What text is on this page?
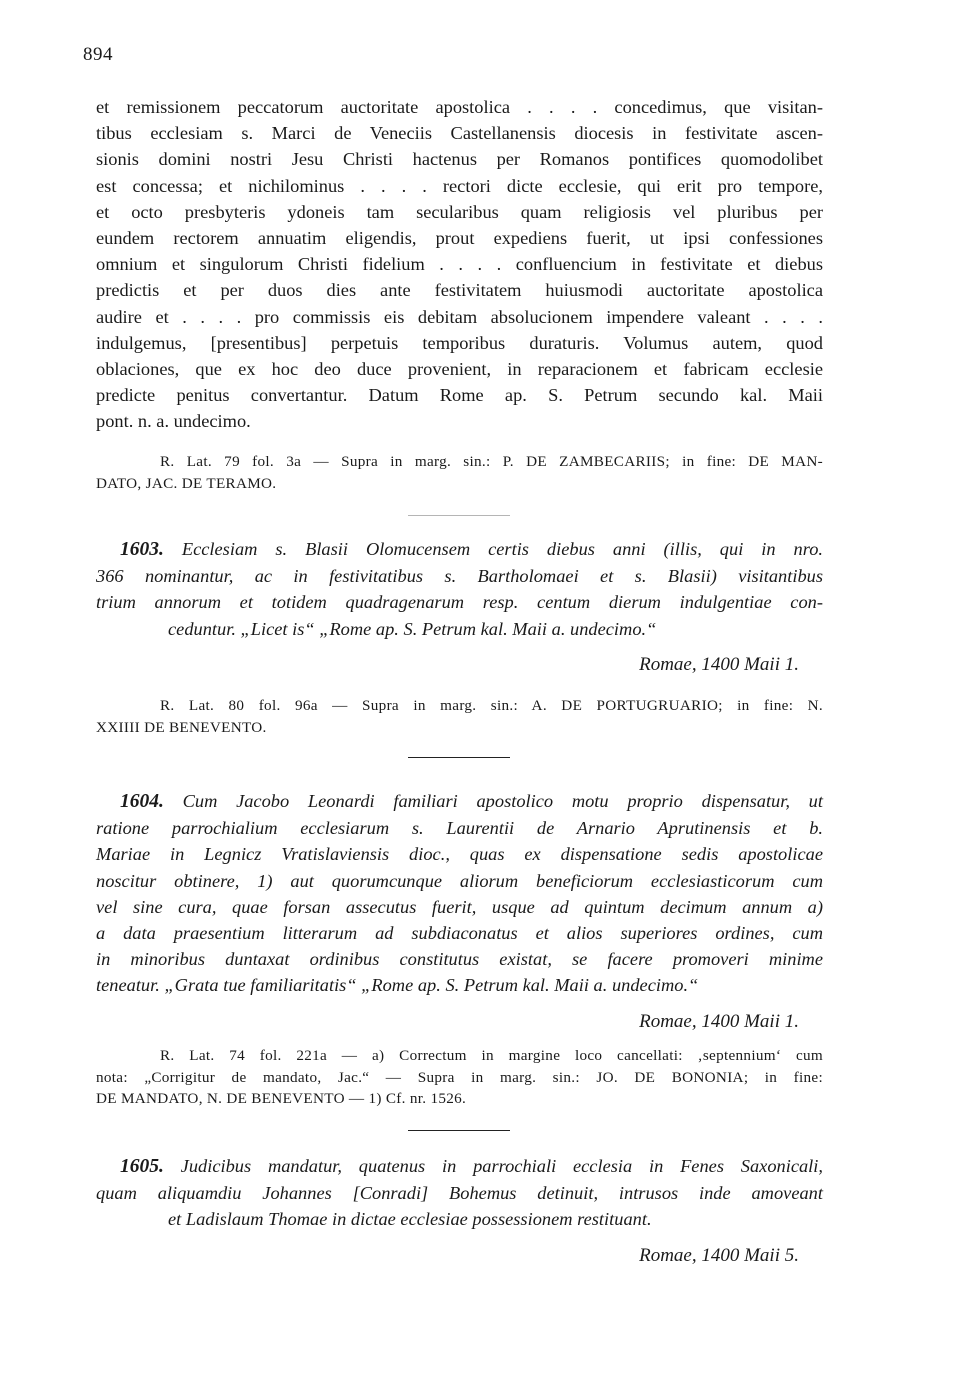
894
et remissionem peccatorum auctoritate apostolica . . . . concedimus, que visitan-
tibus ecclesiam s. Marci de Veneciis Castellanensis diocesis in festivitate ascen-
sionis domini nostri Jesu Christi hactenus per Romanos pontifices quomodolibet
est concessa; et nichilominus . . . . rectori dicte ecclesie, qui erit pro tempore,
et octo presbyteris ydoneis tam secularibus quam religiosis vel pluribus per
eundem rectorem annuatim eligendis, prout expediens fuerit, ut ipsi confessiones
omnium et singulorum Christi fidelium . . . . confluencium in festivitate et diebus
predictis et per duos dies ante festivitatem huiusmodi auctoritate apostolica
audire et . . . . pro commissis eis debitam absolucionem impendere valeant . . . .
indulgemus, [presentibus] perpetuis temporibus duraturis. Volumus autem, quod
oblaciones, que ex hoc deo duce provenient, in reparacionem et fabricam ecclesie
predicte penitus convertantur. Datum Rome ap. S. Petrum secundo kal. Maii
pont. n. a. undecimo.
R. Lat. 79 fol. 3a — Supra in marg. sin.: P. DE ZAMBECARIIS; in fine: DE MAN-
DATO, JAC. DE TERAMO.
1603. Ecclesiam s. Blasii Olomucensem certis diebus anni (illis, qui in nro.
366 nominantur, ac in festivitatibus s. Bartholomaei et s. Blasii) visitantibus
trium annorum et totidem quadragenarum resp. centum dierum indulgentiae con-
ceduntur. „Licet is“ „Rome ap. S. Petrum kal. Maii a. undecimo.“
Romae, 1400 Maii 1.
R. Lat. 80 fol. 96a — Supra in marg. sin.: A. DE PORTUGRUARIO; in fine: N.
XXIIII DE BENEVENTO.
1604. Cum Jacobo Leonardi familiari apostolico motu proprio dispensatur, ut
ratione parrochialium ecclesiarum s. Laurentii de Arnario Aprutinensis et b.
Mariae in Legnicz Vratislaviensis dioc., quas ex dispensatione sedis apostolicae
noscitur obtinere, 1) aut quorumcunque aliorum beneficiorum ecclesiasticorum cum
vel sine cura, quae forsan assecutus fuerit, usque ad quintum decimum annum a)
a data praesentium litterarum ad subdiaconatus et alios superiores ordines, cum
in minoribus duntaxat ordinibus constitutus existat, se facere promoveri minime
teneatur. „Grata tue familiaritatis“ „Rome ap. S. Petrum kal. Maii a. undecimo.“
Romae, 1400 Maii 1.
R. Lat. 74 fol. 221a — a) Correctum in margine loco cancellati: ‚septennium‘ cum
nota: „Corrigitur de mandato, Jac.“ — Supra in marg. sin.: JO. DE BONONIA; in fine:
DE MANDATO, N. DE BENEVENTO — 1) Cf. nr. 1526.
1605. Judicibus mandatur, quatenus in parrochiali ecclesia in Fenes Saxonicali,
quam aliquamdiu Johannes [Conradi] Bohemus detinuit, intrusos inde amoveant
et Ladislaum Thomae in dictae ecclesiae possessionem restituant.
Romae, 1400 Maii 5.
